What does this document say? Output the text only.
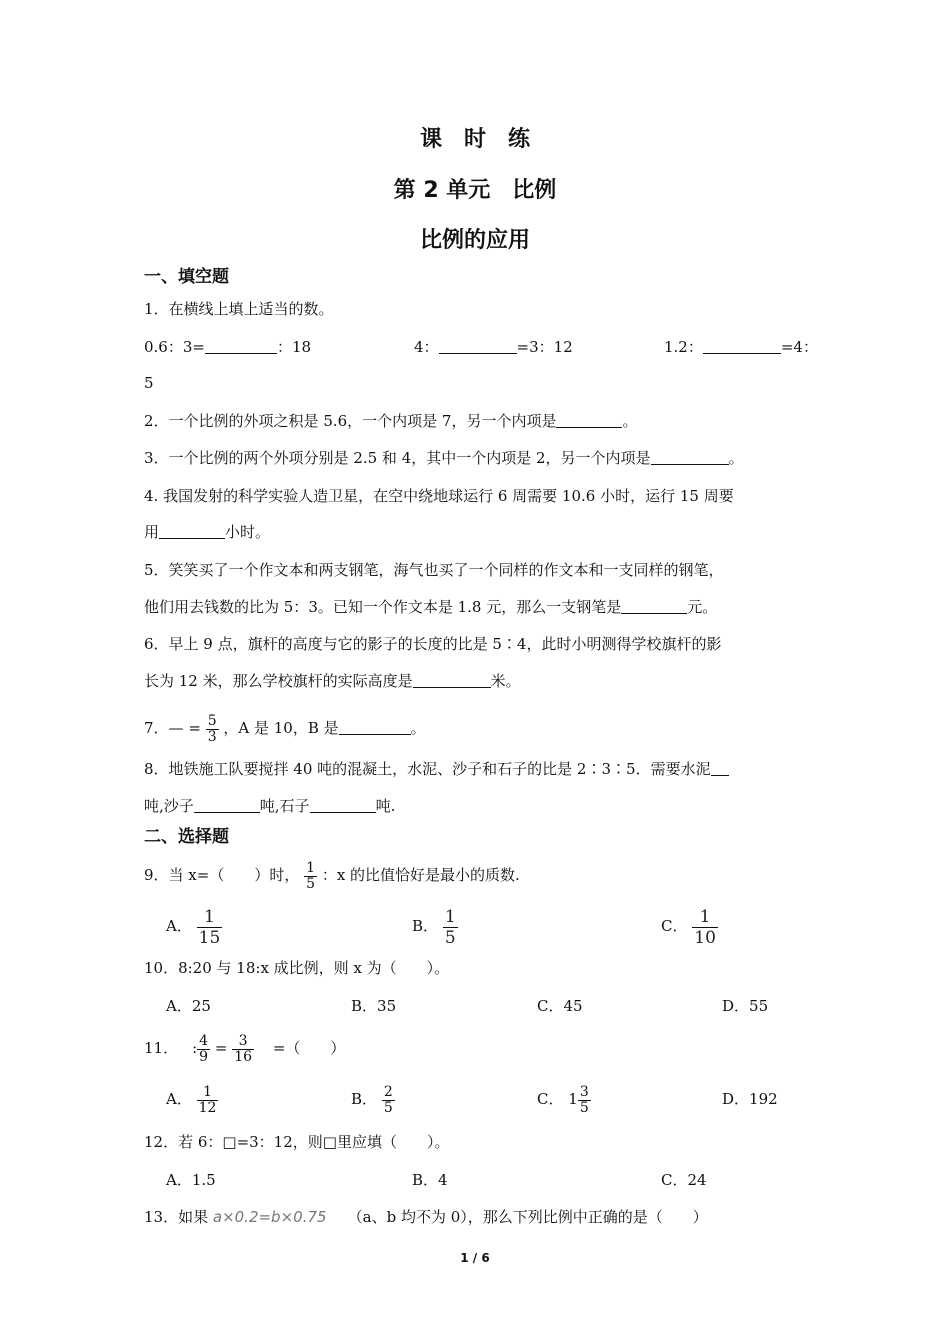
课　时　练
第 2 单元　比例
比例的应用
一、填空题
1．在横线上填上适当的数。
0.6：3=	：18	4：	=3：12	1.2：	=4：
5
2．一个比例的外项之积是 5.6，一个内项是 7，另一个内项是	。
3．一个比例的两个外项分别是 2.5 和 4，其中一个内项是 2，另一个内项是	。
4. 我国发射的科学实验人造卫星，在空中绕地球运行 6 周需要 10.6 小时，运行 15 周要
用	小时。
5．笑笑买了一个作文本和两支钢笔，海气也买了一个同样的作文本和一支同样的钢笔，
他们用去钱数的比为 5：3。已知一个作文本是 1.8 元，那么一支钢笔是	元。
6．早上 9 点，旗杆的高度与它的影子的长度的比是 5∶4，此时小明测得学校旗杆的影
长为 12 米，那么学校旗杆的实际高度是	米。
7．— = $\frac{5}{3}$ ，A 是 10，B 是	。
8．地铁施工队要搅拌 40 吨的混凝土，水泥、沙子和石子的比是 2∶3∶5．需要水泥
吨,沙子	吨,石子	吨.
二、选择题
9．当 x=（　　）时， $\frac{1}{5}$ ：x 的比值恰好是最小的质数.
A． $\frac{1}{15}$	B． $\frac{1}{5}$	C． $\frac{1}{10}$
10．8:20 与 18:x 成比例，则 x 为（　　）。
A．25	B．35	C．45	D．55
11． : $\frac{4}{9} = \frac{3}{16}$ =（　　）
A． $\frac{1}{12}$	B． $\frac{2}{5}$	C． $1 \frac{3}{5}$	D．192
12．若 6：□=3：12，则□里应填（　　）。
A．1.5	B．4	C．24
13．如果 a×0.2=b×0.75 （a、b 均不为 0），那么下列比例中正确的是（　　）
1 / 6
